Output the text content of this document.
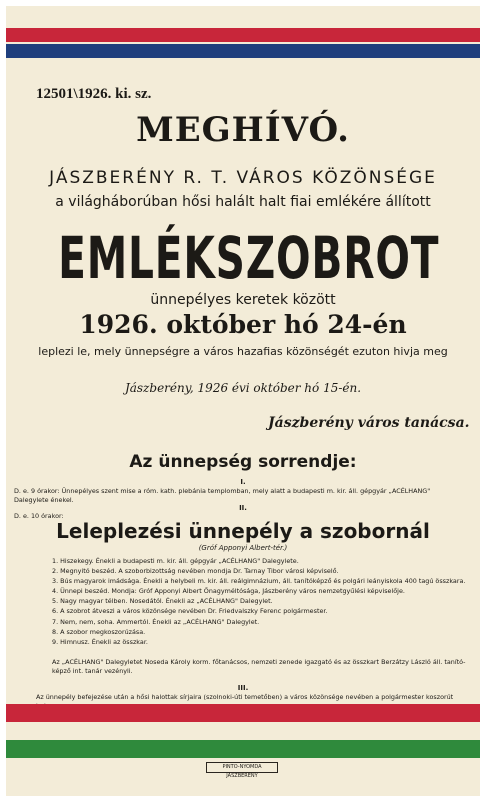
12501\1926. ki. sz.
MEGHÍVÓ.
JÁSZBERÉNY R. T. VÁROS KÖZÖNSÉGE
a világháborúban hősi halált halt fiai emlékére állított
EMLÉKSZOBROT
ünnepélyes keretek között
1926. október hó 24-én
leplezi le, mely ünnepségre a város hazafias közönségét ezuton hivja meg
Jászberény, 1926 évi október hó 15-én.
Jászberény város tanácsa.
Az ünnepség sorrendje:
I.
D. e. 9 órakor: Ünnepélyes szent mise a róm. kath. plebánia templomban, mely alatt a budapesti m. kir. áll. gépgyár „ACÉLHANG" Dalegylete énekel.
II.
D. e. 10 órakor:
Leleplezési ünnepély a szobornál
(Gróf Apponyi Albert-tér.)
1. Hiszekegy. Énekli a budapesti m. kir. áll. gépgyár „ACÉLHANG" Dalegylete.
2. Megnyitó beszéd. A szoborbizottság nevében mondja Dr. Tarnay Tibor városi képviselő.
3. Bús magyarok imádsága. Énekli a helybeli m. kir. áll. reálgimnázium, áll. tanítóképző és polgári leányiskola 400 tagú összkara.
4. Ünnepi beszéd. Mondja: Gróf Apponyi Albert Őnagyméltósága, Jászberény város nemzetgyűlési képviselője.
5. Nagy magyar télben. Nosedától. Énekli az „ACÉLHANG" Dalegylet.
6. A szobrot átveszi a város közönsége nevében Dr. Friedvalszky Ferenc polgármester.
7. Nem, nem, soha. Ammertól. Énekli az „ACÉLHANG" Dalegylet.
8. A szobor megkoszorúzása.
9. Himnusz. Énekli az összkar.
Az „ACÉLHANG" Dalegyletet Noseda Károly korm. főtanácsos, nemzeti zenede igazgató és az összkart Berzátzy László áll. tanító-képző int. tanár vezényli.
III.
Az ünnepély befejezése után a hősi halottak sírjaira (szolnoki-úti temetőben) a város közönsége nevében a polgármester koszorút
PINTO-NYOMDA JÁSZBERÉNY
